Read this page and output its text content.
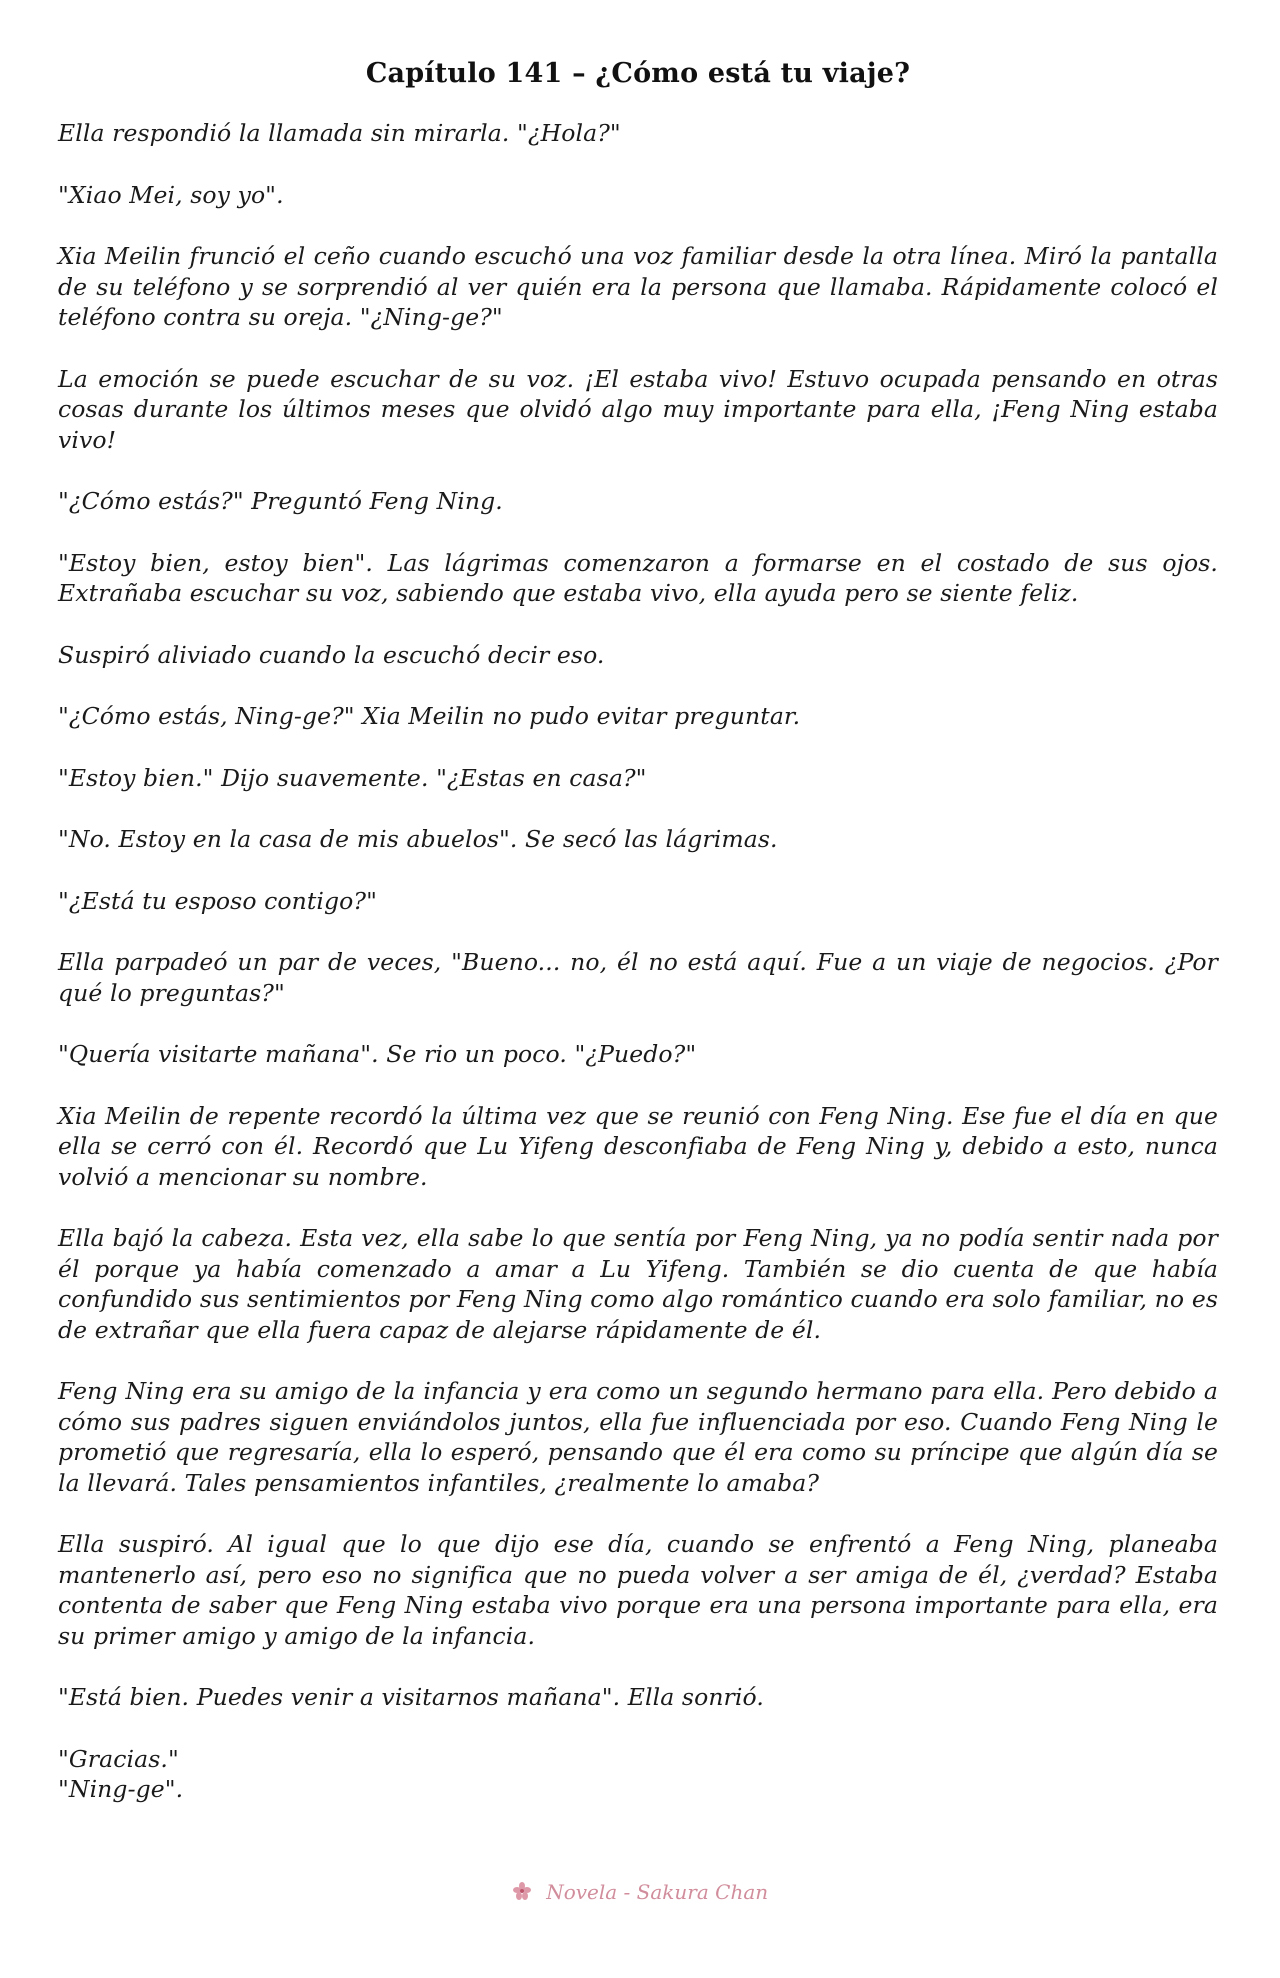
Capítulo 141 – ¿Cómo está tu viaje?

Ella respondió la llamada sin mirarla. "¿Hola?"

"Xiao Mei, soy yo".

Xia Meilin frunció el ceño cuando escuchó una voz familiar desde la otra línea. Miró la pantalla de su teléfono y se sorprendió al ver quién era la persona que llamaba. Rápidamente colocó el teléfono contra su oreja. "¿Ning-ge?"

La emoción se puede escuchar de su voz. ¡El estaba vivo! Estuvo ocupada pensando en otras cosas durante los últimos meses que olvidó algo muy importante para ella, ¡Feng Ning estaba vivo!

"¿Cómo estás?" Preguntó Feng Ning.

"Estoy bien, estoy bien". Las lágrimas comenzaron a formarse en el costado de sus ojos. Extrañaba escuchar su voz, sabiendo que estaba vivo, ella ayuda pero se siente feliz.

Suspiró aliviado cuando la escuchó decir eso.

"¿Cómo estás, Ning-ge?" Xia Meilin no pudo evitar preguntar.

"Estoy bien." Dijo suavemente. "¿Estas en casa?"

"No. Estoy en la casa de mis abuelos". Se secó las lágrimas.

"¿Está tu esposo contigo?"

Ella parpadeó un par de veces, "Bueno... no, él no está aquí. Fue a un viaje de negocios. ¿Por qué lo preguntas?"

"Quería visitarte mañana". Se rio un poco. "¿Puedo?"

Xia Meilin de repente recordó la última vez que se reunió con Feng Ning. Ese fue el día en que ella se cerró con él. Recordó que Lu Yifeng desconfiaba de Feng Ning y, debido a esto, nunca volvió a mencionar su nombre.

Ella bajó la cabeza. Esta vez, ella sabe lo que sentía por Feng Ning, ya no podía sentir nada por él porque ya había comenzado a amar a Lu Yifeng. También se dio cuenta de que había confundido sus sentimientos por Feng Ning como algo romántico cuando era solo familiar, no es de extrañar que ella fuera capaz de alejarse rápidamente de él.

Feng Ning era su amigo de la infancia y era como un segundo hermano para ella. Pero debido a cómo sus padres siguen enviándolos juntos, ella fue influenciada por eso. Cuando Feng Ning le prometió que regresaría, ella lo esperó, pensando que él era como su príncipe que algún día se la llevará. Tales pensamientos infantiles, ¿realmente lo amaba?

Ella suspiró. Al igual que lo que dijo ese día, cuando se enfrentó a Feng Ning, planeaba mantenerlo así, pero eso no significa que no pueda volver a ser amiga de él, ¿verdad? Estaba contenta de saber que Feng Ning estaba vivo porque era una persona importante para ella, era su primer amigo y amigo de la infancia.

"Está bien. Puedes venir a visitarnos mañana". Ella sonrió.

"Gracias."

"Ning-ge".

Novela - Sakura Chan
